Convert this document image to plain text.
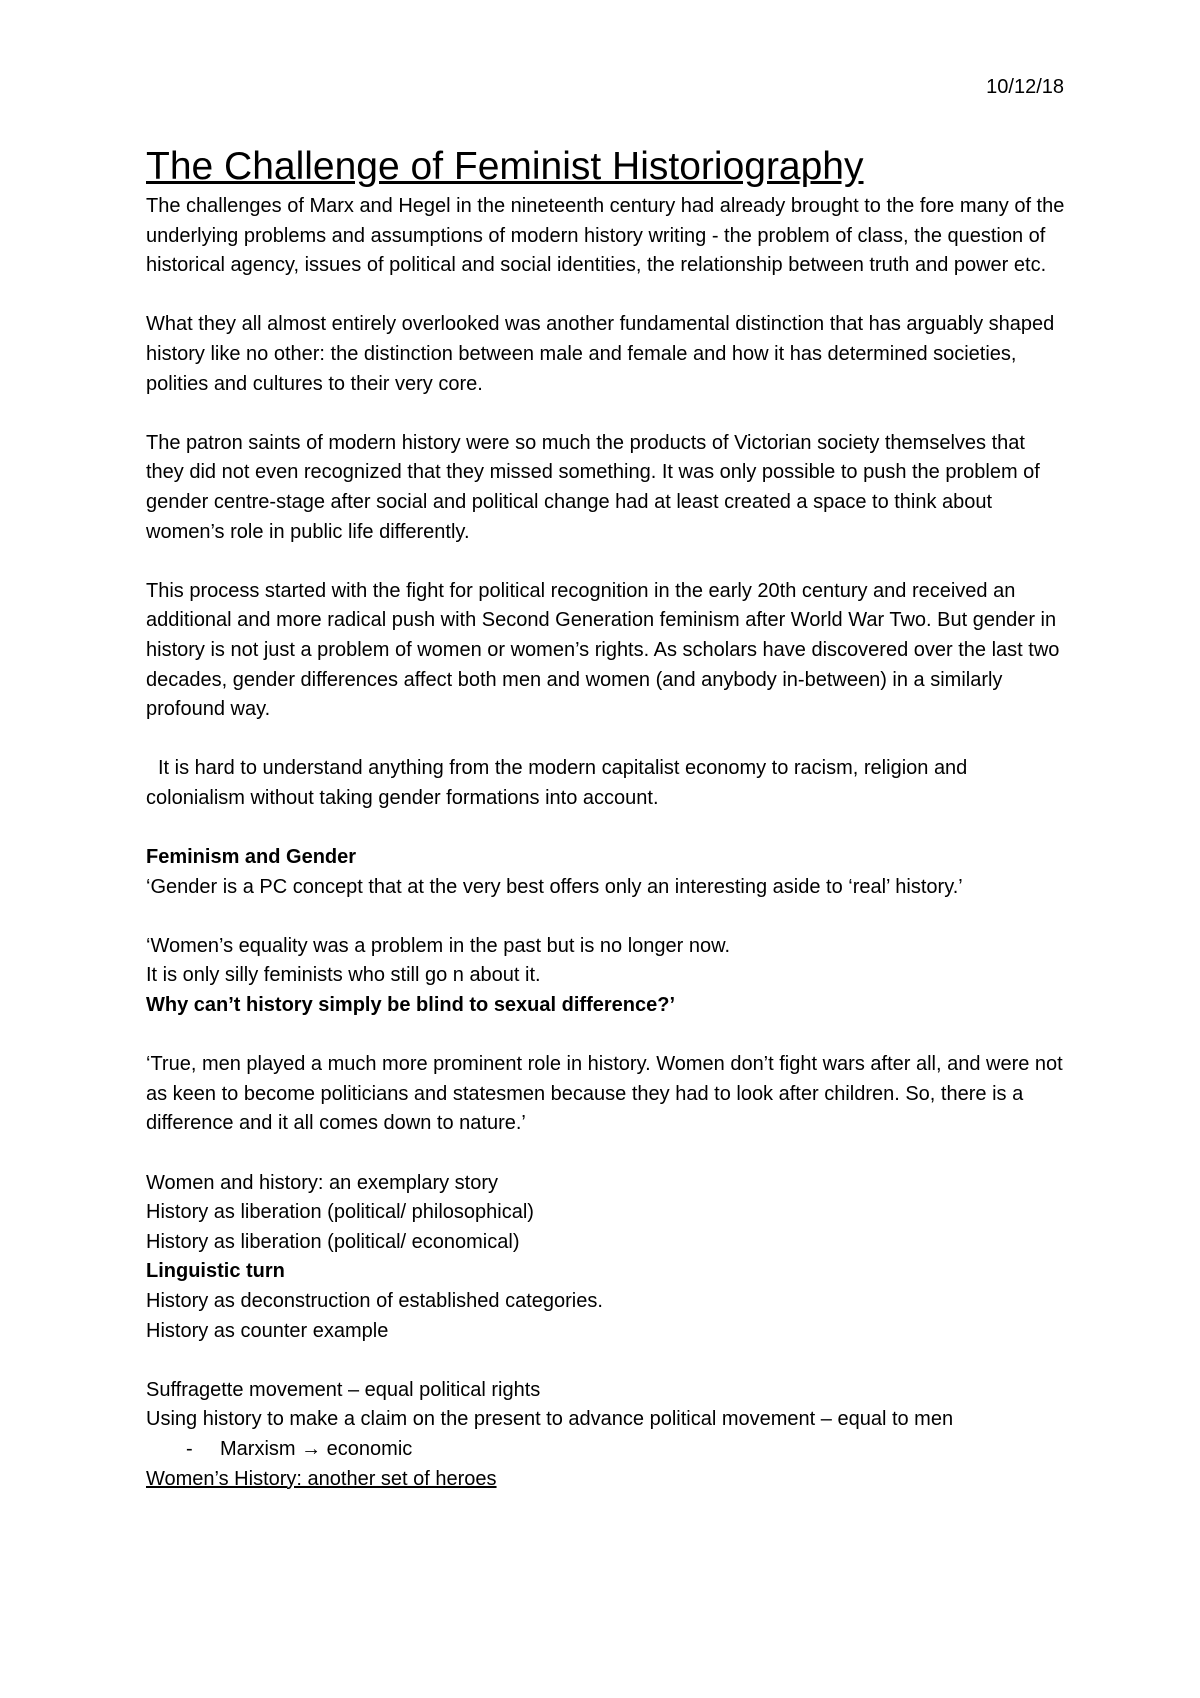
10/12/18
The Challenge of Feminist Historiography

The challenges of Marx and Hegel in the nineteenth century had already brought to the fore many of the underlying problems and assumptions of modern history writing - the problem of class, the question of historical agency, issues of political and social identities, the relationship between truth and power etc.

What they all almost entirely overlooked was another fundamental distinction that has arguably shaped history like no other: the distinction between male and female and how it has determined societies, polities and cultures to their very core.

The patron saints of modern history were so much the products of Victorian society themselves that they did not even recognized that they missed something. It was only possible to push the problem of gender centre-stage after social and political change had at least created a space to think about women’s role in public life differently.

This process started with the fight for political recognition in the early 20th century and received an additional and more radical push with Second Generation feminism after World War Two. But gender in history is not just a problem of women or women’s rights. As scholars have discovered over the last two decades, gender differences affect both men and women (and anybody in-between) in a similarly profound way.

It is hard to understand anything from the modern capitalist economy to racism, religion and colonialism without taking gender formations into account.

Feminism and Gender

‘Gender is a PC concept that at the very best offers only an interesting aside to ‘real’ history.’

‘Women’s equality was a problem in the past but is no longer now.

It is only silly feminists who still go n about it.

Why can’t history simply be blind to sexual difference?’

‘True, men played a much more prominent role in history. Women don’t fight wars after all, and were not as keen to become politicians and statesmen because they had to look after children. So, there is a difference and it all comes down to nature.’

Women and history: an exemplary story

History as liberation (political/ philosophical)

History as liberation (political/ economical)

Linguistic turn

History as deconstruction of established categories.

History as counter example

Suffragette movement – equal political rights

Using history to make a claim on the present to advance political movement – equal to men

- Marxism → economic

Women’s History: another set of heroes
